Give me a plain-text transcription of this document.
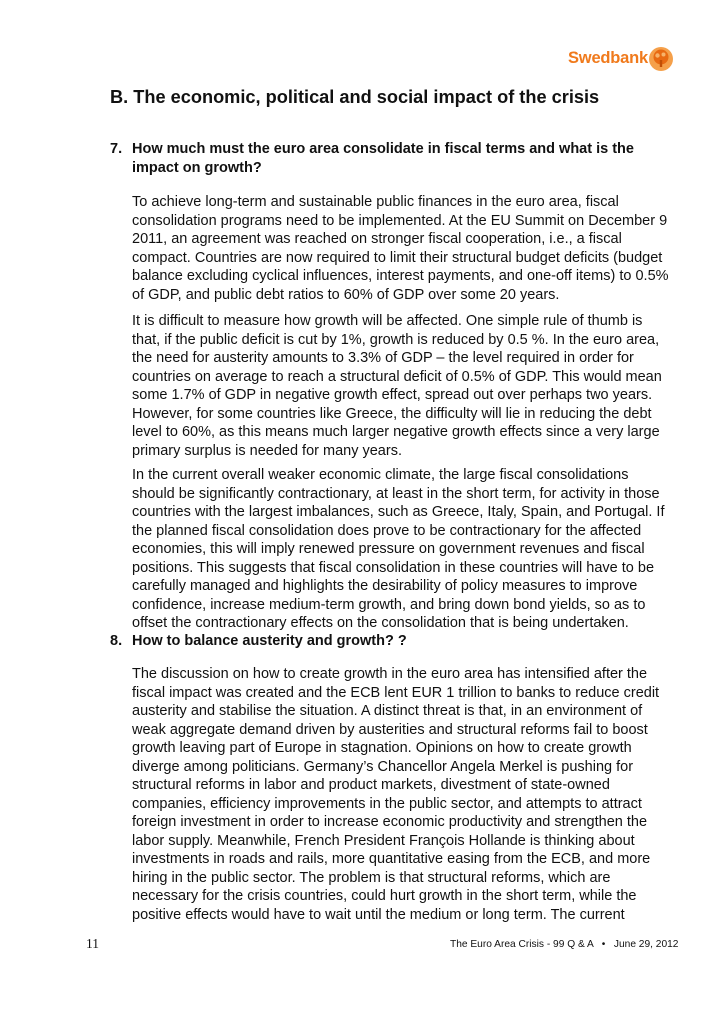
Swedbank
B. The economic, political and social impact of the crisis
7. How much must the euro area consolidate in fiscal terms and what is the
impact on growth?

To achieve long-term and sustainable public finances in the euro area, fiscal
consolidation programs need to be implemented. At the EU Summit on December 9
2011, an agreement was reached on stronger fiscal cooperation, i.e., a fiscal
compact. Countries are now required to limit their structural budget deficits (budget
balance excluding cyclical influences, interest payments, and one-off items) to 0.5%
of GDP, and public debt ratios to 60% of GDP over some 20 years.

It is difficult to measure how growth will be affected. One simple rule of thumb is
that, if the public deficit is cut by 1%, growth is reduced by 0.5 %. In the euro area,
the need for austerity amounts to 3.3% of GDP – the level required in order for
countries on average to reach a structural deficit of 0.5% of GDP. This would mean
some 1.7% of GDP in negative growth effect, spread out over perhaps two years.
However, for some countries like Greece, the difficulty will lie in reducing the debt
level to 60%, as this means much larger negative growth effects since a very large
primary surplus is needed for many years.

In the current overall weaker economic climate, the large fiscal consolidations
should be significantly contractionary, at least in the short term, for activity in those
countries with the largest imbalances, such as Greece, Italy, Spain, and Portugal. If
the planned fiscal consolidation does prove to be contractionary for the affected
economies, this will imply renewed pressure on government revenues and fiscal
positions. This suggests that fiscal consolidation in these countries will have to be
carefully managed and highlights the desirability of policy measures to improve
confidence, increase medium-term growth, and bring down bond yields, so as to
offset the contractionary effects on the consolidation that is being undertaken.

8. How to balance austerity and growth? ?

The discussion on how to create growth in the euro area has intensified after the
fiscal impact was created and the ECB lent EUR 1 trillion to banks to reduce credit
austerity and stabilise the situation. A distinct threat is that, in an environment of
weak aggregate demand driven by austerities and structural reforms fail to boost
growth leaving part of Europe in stagnation. Opinions on how to create growth
diverge among politicians. Germany’s Chancellor Angela Merkel is pushing for
structural reforms in labor and product markets, divestment of state-owned
companies, efficiency improvements in the public sector, and attempts to attract
foreign investment in order to increase economic productivity and strengthen the
labor supply. Meanwhile, French President François Hollande is thinking about
investments in roads and rails, more quantitative easing from the ECB, and more
hiring in the public sector. The problem is that structural reforms, which are
necessary for the crisis countries, could hurt growth in the short term, while the
positive effects would have to wait until the medium or long term. The current

11	The Euro Area Crisis - 99 Q & A • June 29, 2012
